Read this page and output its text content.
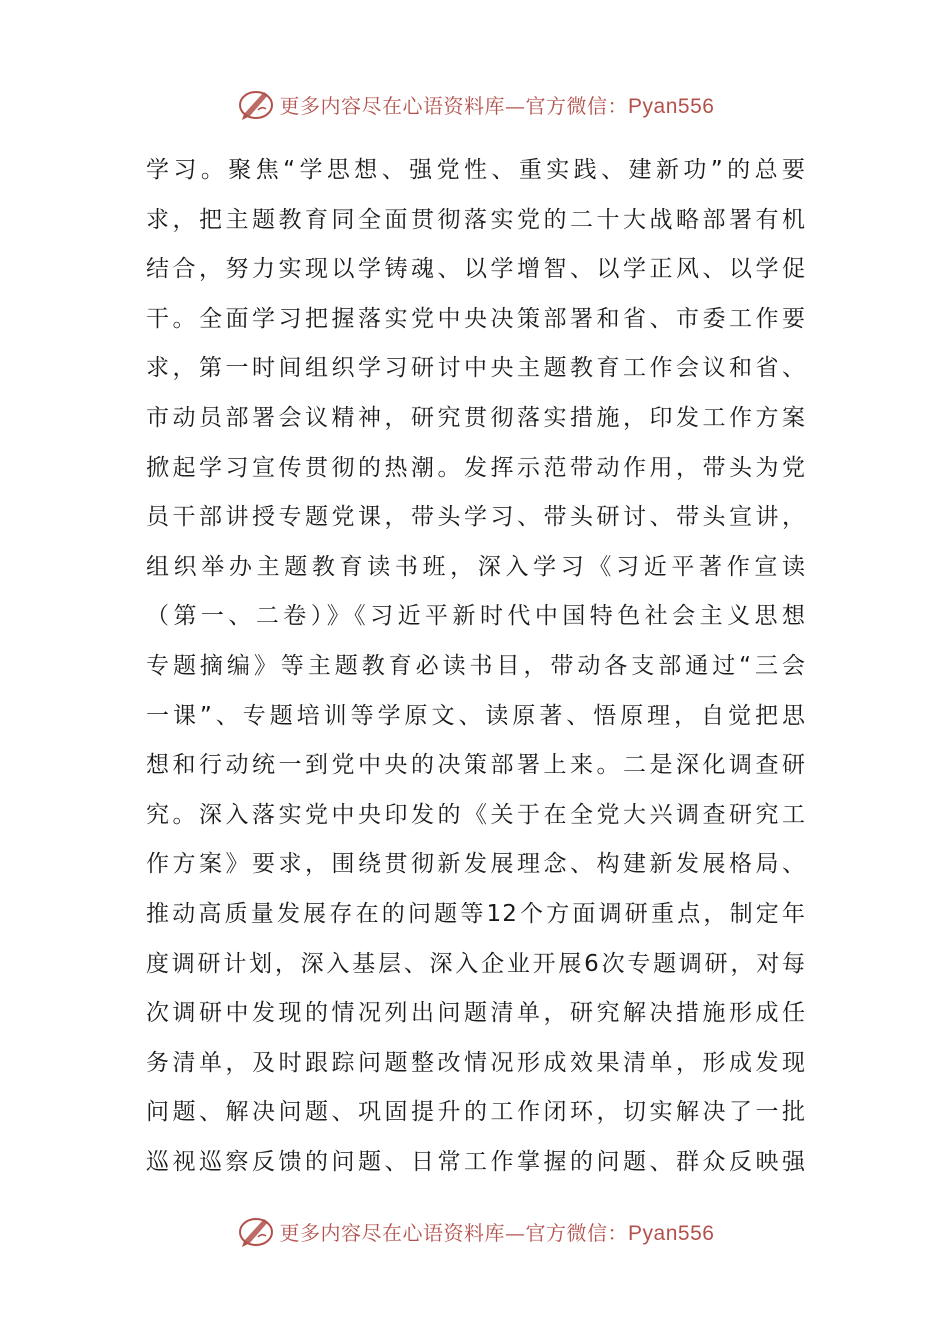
更多内容尽在心语资料库—官方微信：Pyan556
学习。聚焦“学思想、强党性、重实践、建新功”的总要
求，把主题教育同全面贯彻落实党的二十大战略部署有机
结合，努力实现以学铸魂、以学增智、以学正风、以学促
干。全面学习把握落实党中央决策部署和省、市委工作要
求，第一时间组织学习研讨中央主题教育工作会议和省、
市动员部署会议精神，研究贯彻落实措施，印发工作方案
掀起学习宣传贯彻的热潮。发挥示范带动作用，带头为党
员干部讲授专题党课，带头学习、带头研讨、带头宣讲，
组织举办主题教育读书班，深入学习《习近平著作宣读
（第一、二卷）》《习近平新时代中国特色社会主义思想
专题摘编》等主题教育必读书目，带动各支部通过“三会
一课”、专题培训等学原文、读原著、悟原理，自觉把思
想和行动统一到党中央的决策部署上来。二是深化调查研
究。深入落实党中央印发的《关于在全党大兴调查研究工
作方案》要求，围绕贯彻新发展理念、构建新发展格局、
推动高质量发展存在的问题等12个方面调研重点，制定年
度调研计划，深入基层、深入企业开展6次专题调研，对每
次调研中发现的情况列出问题清单，研究解决措施形成任
务清单，及时跟踪问题整改情况形成效果清单，形成发现
问题、解决问题、巩固提升的工作闭环，切实解决了一批
巡视巡察反馈的问题、日常工作掌握的问题、群众反映强
更多内容尽在心语资料库—官方微信：Pyan556
